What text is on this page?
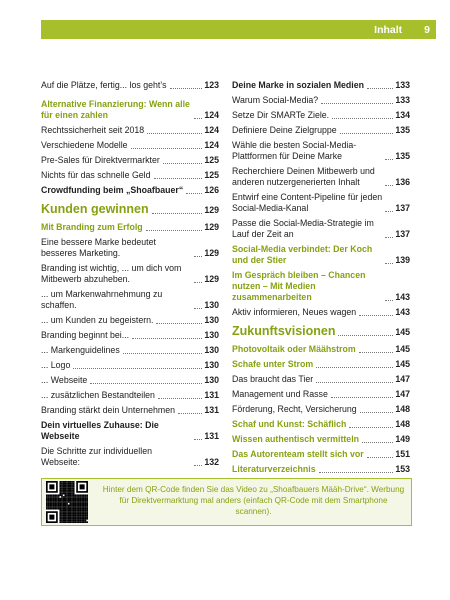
Inhalt 9
Auf die Plätze, fertig... los geht’s	123
Alternative Finanzierung: Wenn alle für einen zahlen	124
Rechtssicherheit seit 2018	124
Verschiedene Modelle	124
Pre-Sales für Direktvermarkter	125
Nichts für das schnelle Geld	125
Crowdfunding beim „Shoafbauer“ 126
Kunden gewinnen	129
Mit Branding zum Erfolg	129
Eine bessere Marke bedeutet besseres Marketing.	129
Branding ist wichtig, ... um dich vom Mitbewerb abzuheben.	129
... um Markenwahrnehmung zu schaffen.	130
... um Kunden zu begeistern.	130
Branding beginnt bei...	130
... Markenguidelines	130
... Logo	130
... Webseite	130
... zusätzlichen Bestandteilen	131
Branding stärkt dein Unternehmen	131
Dein virtuelles Zuhause: Die Webseite	131
Die Schritte zur individuellen Webseite:	132
Deine Marke in sozialen Medien	133
Warum Social-Media?	133
Setze Dir SMARTe Ziele.	134
Definiere Deine Zielgruppe	135
Wähle die besten Social-Media-Plattformen für Deine Marke	135
Recherchiere Deinen Mitbewerb und anderen nutzergenerierten Inhalt	136
Entwirf eine Content-Pipeline für jeden Social-Media-Kanal	137
Passe die Social-Media-Strategie im Lauf der Zeit an	137
Social-Media verbindet: Der Koch und der Stier	139
Im Gespräch bleiben – Chancen nutzen – Mit Medien zusammenarbeiten	143
Aktiv informieren, Neues wagen	143
Zukunftsvisionen	145
Photovoltaik oder Määhstrom	145
Schafe unter Strom	145
Das braucht das Tier	147
Management und Rasse	147
Förderung, Recht, Versicherung	148
Schaf und Kunst: Schäflich	148
Wissen authentisch vermitteln	149
Das Autorenteam stellt sich vor	151
Literaturverzeichnis	153
Hinter dem QR-Code finden Sie das Video zu „Shoafbauers Määh-Drive“. Werbung für Direktvermarktung mal anders (einfach QR-Code mit dem Smartphone scannen).
